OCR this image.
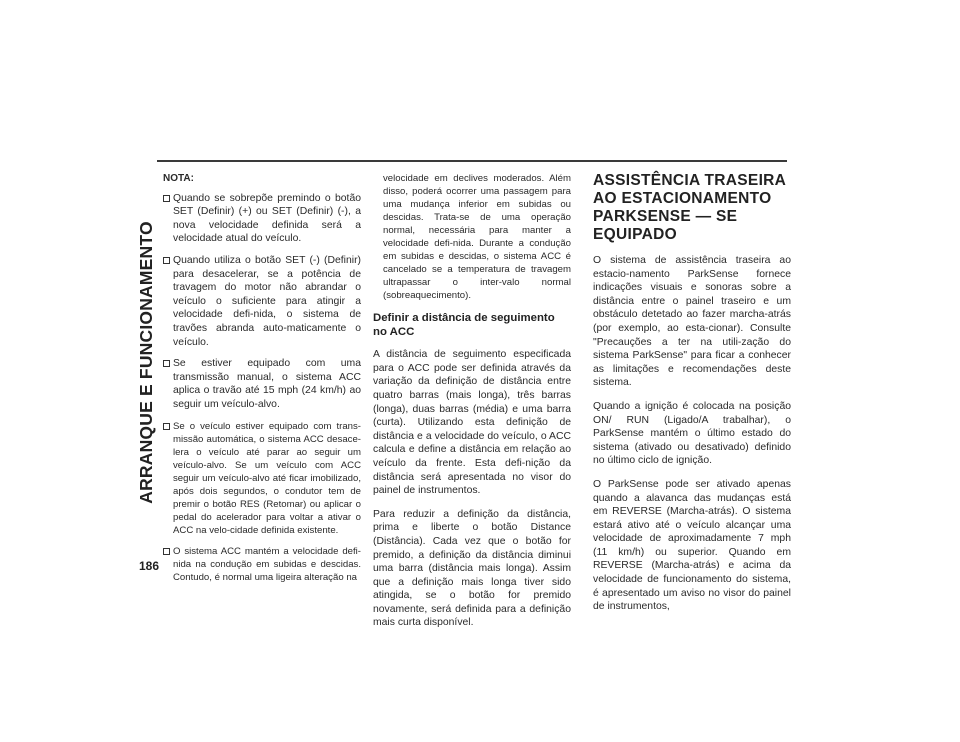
ARRANQUE E FUNCIONAMENTO
186

NOTA:

Quando se sobrepõe premindo o botão SET (Definir) (+) ou SET (Definir) (-), a nova velocidade definida será a velocidade atual do veículo.
Quando utiliza o botão SET (-) (Definir) para desacelerar, se a potência de travagem do motor não abrandar o veículo o suficiente para atingir a velocidade defi-nida, o sistema de travões abranda auto-maticamente o veículo.
Se estiver equipado com uma transmissão manual, o sistema ACC aplica o travão até 15 mph (24 km/h) ao seguir um veículo-alvo.
Se o veículo estiver equipado com trans-missão automática, o sistema ACC desace-lera o veículo até parar ao seguir um veículo-alvo. Se um veículo com ACC seguir um veículo-alvo até ficar imobilizado, após dois segundos, o condutor tem de premir o botão RES (Retomar) ou aplicar o pedal do acelerador para voltar a ativar o ACC na velo-cidade definida existente.
O sistema ACC mantém a velocidade defi-nida na condução em subidas e descidas. Contudo, é normal uma ligeira alteração na

velocidade em declives moderados. Além disso, poderá ocorrer uma passagem para uma mudança inferior em subidas ou descidas. Trata-se de uma operação normal, necessária para manter a velocidade defi-nida. Durante a condução em subidas e descidas, o sistema ACC é cancelado se a temperatura de travagem ultrapassar o inter-valo normal (sobreaquecimento).

Definir a distância de seguimento no ACC

A distância de seguimento especificada para o ACC pode ser definida através da variação da definição de distância entre quatro barras (mais longa), três barras (longa), duas barras (média) e uma barra (curta). Utilizando esta definição de distância e a velocidade do veículo, o ACC calcula e define a distância em relação ao veículo da frente. Esta defi-nição da distância será apresentada no visor do painel de instrumentos.

Para reduzir a definição da distância, prima e liberte o botão Distance (Distância). Cada vez que o botão for premido, a definição da distância diminui uma barra (distância mais longa). Assim que a definição mais longa tiver sido atingida, se o botão for premido novamente, será definida para a definição mais curta disponível.

ASSISTÊNCIA TRASEIRA AO ESTACIONAMENTO PARKSENSE — SE EQUIPADO

O sistema de assistência traseira ao estacio-namento ParkSense fornece indicações visuais e sonoras sobre a distância entre o painel traseiro e um obstáculo detetado ao fazer marcha-atrás (por exemplo, ao esta-cionar). Consulte "Precauções a ter na utili-zação do sistema ParkSense" para ficar a conhecer as limitações e recomendações deste sistema.

Quando a ignição é colocada na posição ON/ RUN (Ligado/A trabalhar), o ParkSense mantém o último estado do sistema (ativado ou desativado) definido no último ciclo de ignição.

O ParkSense pode ser ativado apenas quando a alavanca das mudanças está em REVERSE (Marcha-atrás). O sistema estará ativo até o veículo alcançar uma velocidade de aproximadamente 7 mph (11 km/h) ou superior. Quando em REVERSE (Marcha-atrás) e acima da velocidade de funcionamento do sistema, é apresentado um aviso no visor do painel de instrumentos,
